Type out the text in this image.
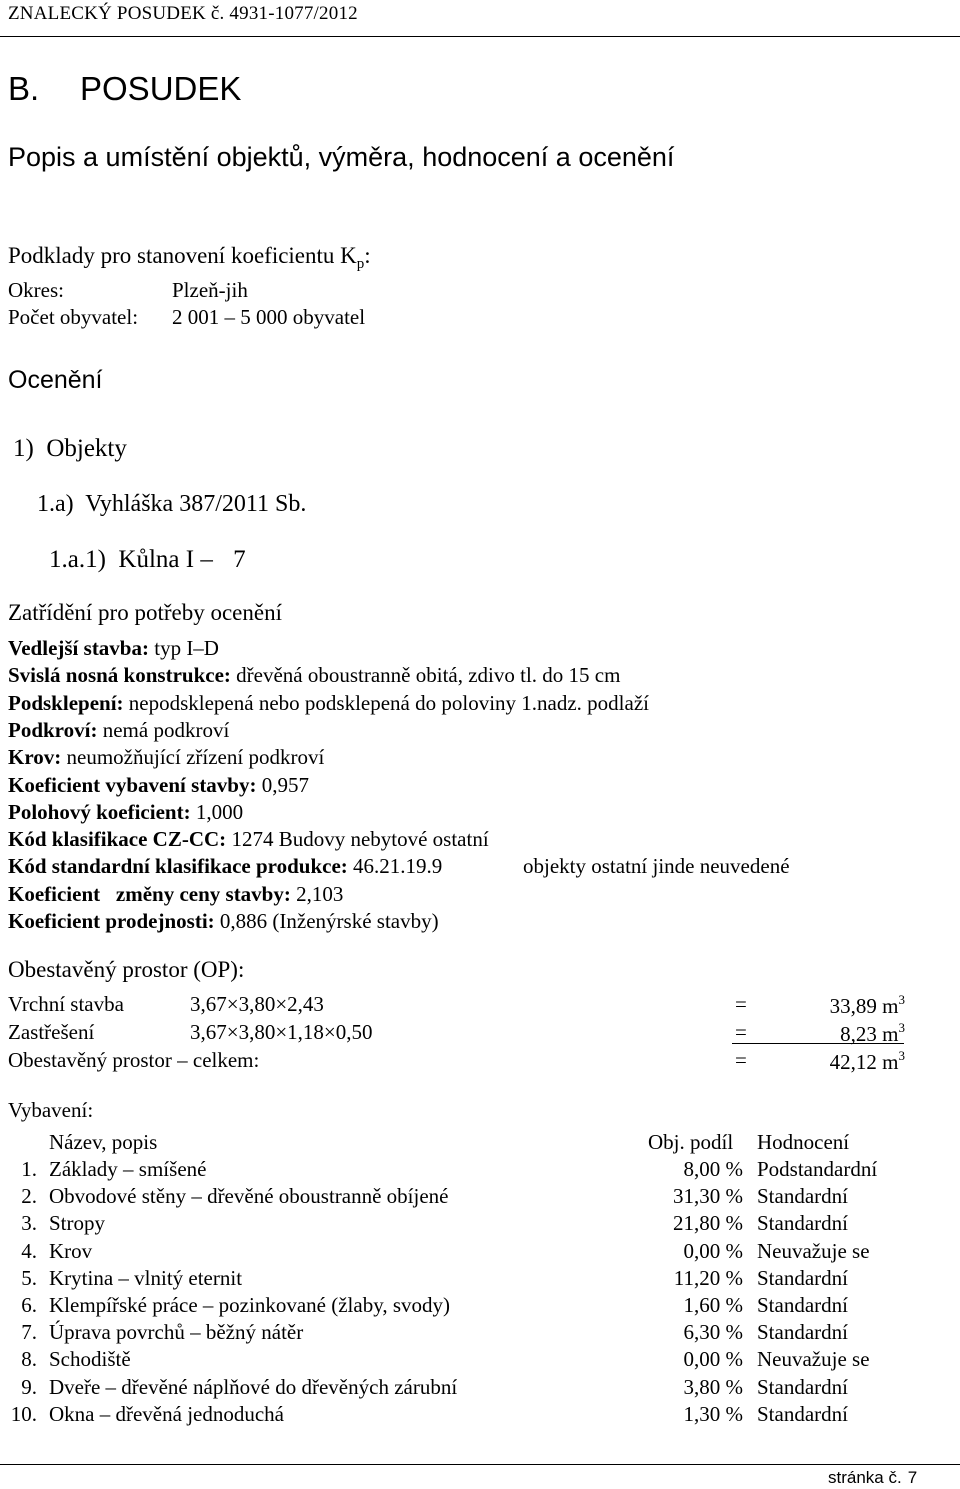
ZNALECKÝ POSUDEK č. 4931-1077/2012
B. POSUDEK
Popis a umístění objektů, výměra, hodnocení a ocenění
Podklady pro stanovení koeficientu $K_p$:
Okres:	Plzeň-jih
Počet obyvatel: 2 001 – 5 000 obyvatel
Ocenění
1)  Objekty
1.a)  Vyhláška 387/2011 Sb.
1.a.1)  Kůlna I – 7
Zatřídění pro potřeby ocenění
Vedlejší stavba: typ I–D
Svislá nosná konstrukce: dřevěná oboustranně obitá, zdivo tl. do 15 cm
Podsklepení: nepodsklepená nebo podsklepená do poloviny 1.nadz. podlaží
Podkroví: nemá podkroví
Krov: neumožňující zřízení podkroví
Koeficient vybavení stavby: 0,957
Polohový koeficient: 1,000
Kód klasifikace CZ-CC: 1274 Budovy nebytové ostatní
Kód standardní klasifikace produkce: 46.21.19.9	objekty ostatní jinde neuvedené
Koeficient   změny ceny stavby: 2,103
Koeficient prodejnosti: 0,886 (Inženýrské stavby)
Obestavěný prostor (OP):
Vrchní stavba	3,67×3,80×2,43	=	33,89 $m^3$
Zastřešení	3,67×3,80×1,18×0,50	=	8,23 $m^3$
Obestavěný prostor – celkem:	=	42,12 $m^3$
Vybavení:
Název, popis	Obj. podíl Hodnocení
1. Základy – smíšené	8,00 % Podstandardní
2. Obvodové stěny – dřevěné oboustranně obíjené	31,30 % Standardní
3. Stropy	21,80 % Standardní
4. Krov	0,00 % Neuvažuje se
5. Krytina – vlnitý eternit	11,20 % Standardní
6. Klempířské práce – pozinkované (žlaby, svody)	1,60 % Standardní
7. Úprava povrchů – běžný nátěr	6,30 % Standardní
8. Schodiště	0,00 % Neuvažuje se
9. Dveře – dřevěné náplňové do dřevěných zárubní	3,80 % Standardní
10. Okna – dřevěná jednoduchá	1,30 % Standardní
stránka č. 7
